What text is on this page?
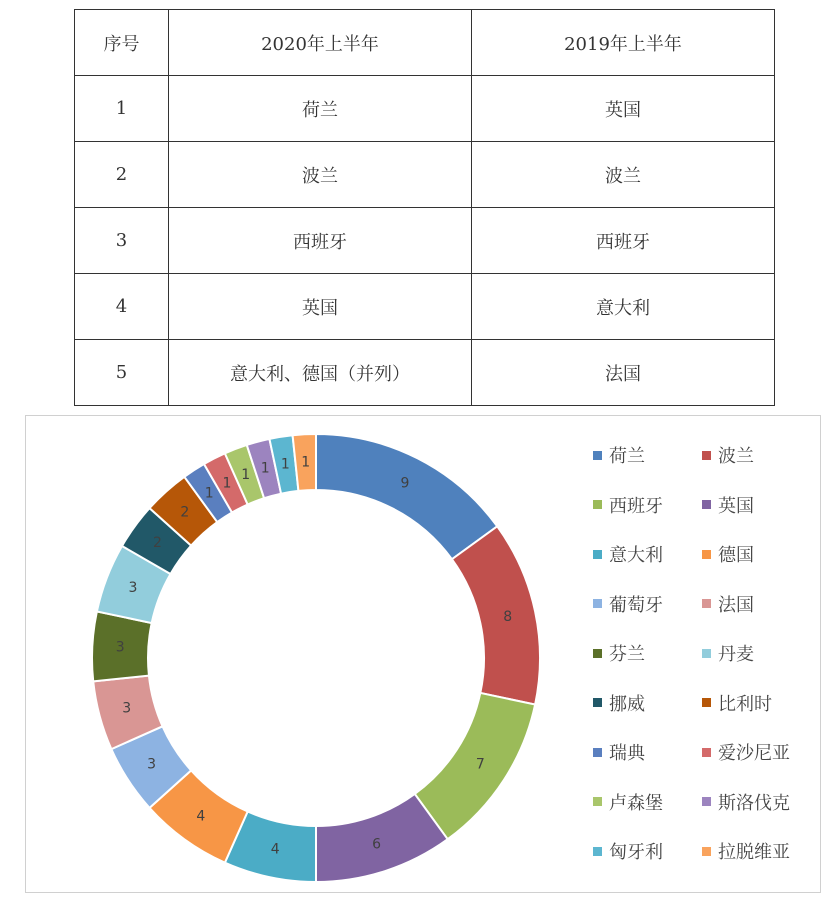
序号	2020年上半年	2019年上半年
1	荷兰	英国
2	波兰	波兰
3	西班牙	西班牙
4	英国	意大利
5	意大利、德国（并列）	法国
9
8
7
6
4
4
3
3
3
3
2
2
1
1
1 1 1 1	荷兰	波兰
西班牙	英国
意大利	德国
葡萄牙	法国
芬兰	丹麦
挪威	比利时
瑞典	爱沙尼亚
卢森堡	斯洛伐克
匈牙利	拉脱维亚
